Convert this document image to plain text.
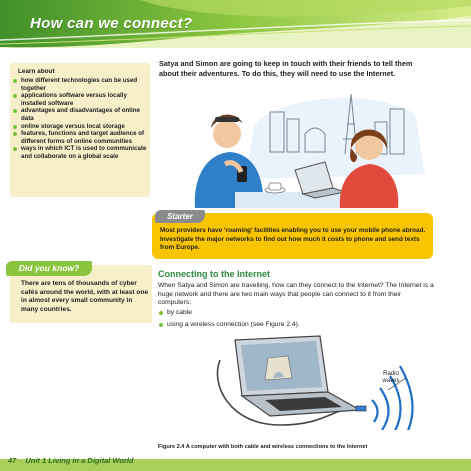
How can we connect?
Learn about
how different technologies can be used together
applications software versus locally installed software
advantages and disadvantages of online data
online storage versus local storage
features, functions and target audience of different forms of online communities
ways in which ICT is used to communicate and collaborate on a global scale
Satya and Simon are going to keep in touch with their friends to tell them about their adventures. To do this, they will need to use the Internet.
Starter
Most providers have ‘roaming’ facilities enabling you to use your mobile phone abroad. Investigate the major networks to find out how much it costs to phone and send texts from Europe.
Did you know?
There are tens of thousands of cyber cafés around the world, with at least one in almost every small community in many countries.
Connecting to the Internet
When Satya and Simon are travelling, how can they connect to the Internet? The Internet is a huge network and there are two main ways that people can connect to it from their computers:
by cable
using a wireless connection (see Figure 2.4).
Radio waves
Figure 2.4 A computer with both cable and wireless connections to the Internet
47 Unit 1 Living in a Digital World
